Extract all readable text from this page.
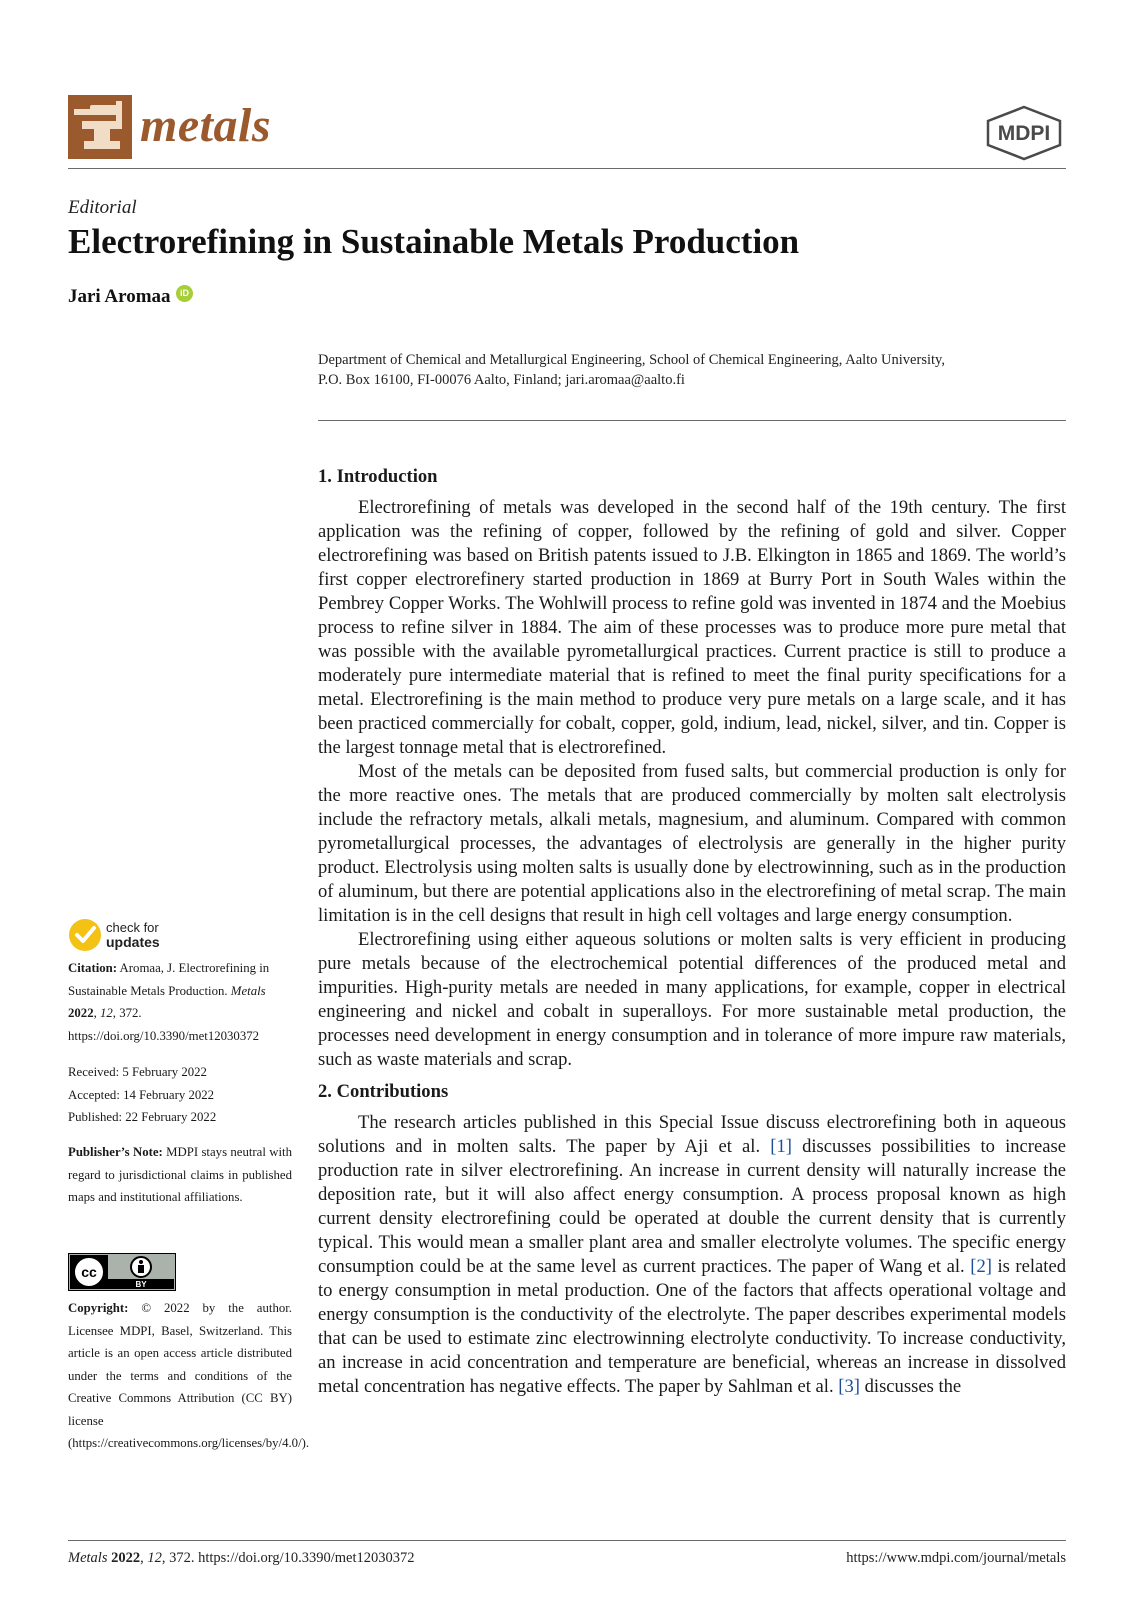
metals	MDPI
Editorial
Electrorefining in Sustainable Metals Production
Jari Aromaa	iD
Department of Chemical and Metallurgical Engineering, School of Chemical Engineering, Aalto University,
P.O. Box 16100, FI-00076 Aalto, Finland; jari.aromaa@aalto.fi
1. Introduction

Electrorefining of metals was developed in the second half of the 19th century. The first application was the refining of copper, followed by the refining of gold and silver. Copper electrorefining was based on British patents issued to J.B. Elkington in 1865 and 1869. The world’s first copper electrorefinery started production in 1869 at Burry Port in South Wales within the Pembrey Copper Works. The Wohlwill process to refine gold was invented in 1874 and the Moebius process to refine silver in 1884. The aim of these processes was to produce more pure metal that was possible with the available pyrometallurgical practices. Current practice is still to produce a moderately pure intermediate material that is refined to meet the final purity specifications for a metal. Electrorefining is the main method to produce very pure metals on a large scale, and it has been practiced commercially for cobalt, copper, gold, indium, lead, nickel, silver, and tin. Copper is the largest tonnage metal that is electrorefined.

Most of the metals can be deposited from fused salts, but commercial production is only for the more reactive ones. The metals that are produced commercially by molten salt electrolysis include the refractory metals, alkali metals, magnesium, and aluminum. Compared with common pyrometallurgical processes, the advantages of electrolysis are generally in the higher purity product. Electrolysis using molten salts is usually done by electrowinning, such as in the production of aluminum, but there are potential applications also in the electrorefining of metal scrap. The main limitation is in the cell designs that result in high cell voltages and large energy consumption.

Electrorefining using either aqueous solutions or molten salts is very efficient in producing pure metals because of the electrochemical potential differences of the produced metal and impurities. High-purity metals are needed in many applications, for example, copper in electrical engineering and nickel and cobalt in superalloys. For more sustainable metal production, the processes need development in energy consumption and in tolerance of more impure raw materials, such as waste materials and scrap.

2. Contributions

The research articles published in this Special Issue discuss electrorefining both in aqueous solutions and in molten salts. The paper by Aji et al. [1] discusses possibilities to increase production rate in silver electrorefining. An increase in current density will naturally increase the deposition rate, but it will also affect energy consumption. A process proposal known as high current density electrorefining could be operated at double the current density that is currently typical. This would mean a smaller plant area and smaller electrolyte volumes. The specific energy consumption could be at the same level as current practices. The paper of Wang et al. [2] is related to energy consumption in metal production. One of the factors that affects operational voltage and energy consumption is the conductivity of the electrolyte. The paper describes experimental models that can be used to estimate zinc electrowinning electrolyte conductivity. To increase conductivity, an increase in acid concentration and temperature are beneficial, whereas an increase in dissolved metal concentration has negative effects. The paper by Sahlman et al. [3] discusses the

check for
updates
Citation: Aromaa, J. Electrorefining in Sustainable Metals Production. Metals 2022, 12, 372. https://doi.org/10.3390/met12030372
Received: 5 February 2022
Accepted: 14 February 2022
Published: 22 February 2022
Publisher’s Note: MDPI stays neutral with regard to jurisdictional claims in published maps and institutional affiliations.
cc
BY
Copyright: © 2022 by the author. Licensee MDPI, Basel, Switzerland. This article is an open access article distributed under the terms and conditions of the Creative Commons Attribution (CC BY) license (https://creativecommons.org/licenses/by/4.0/).
Metals 2022, 12, 372. https://doi.org/10.3390/met12030372	https://www.mdpi.com/journal/metals
